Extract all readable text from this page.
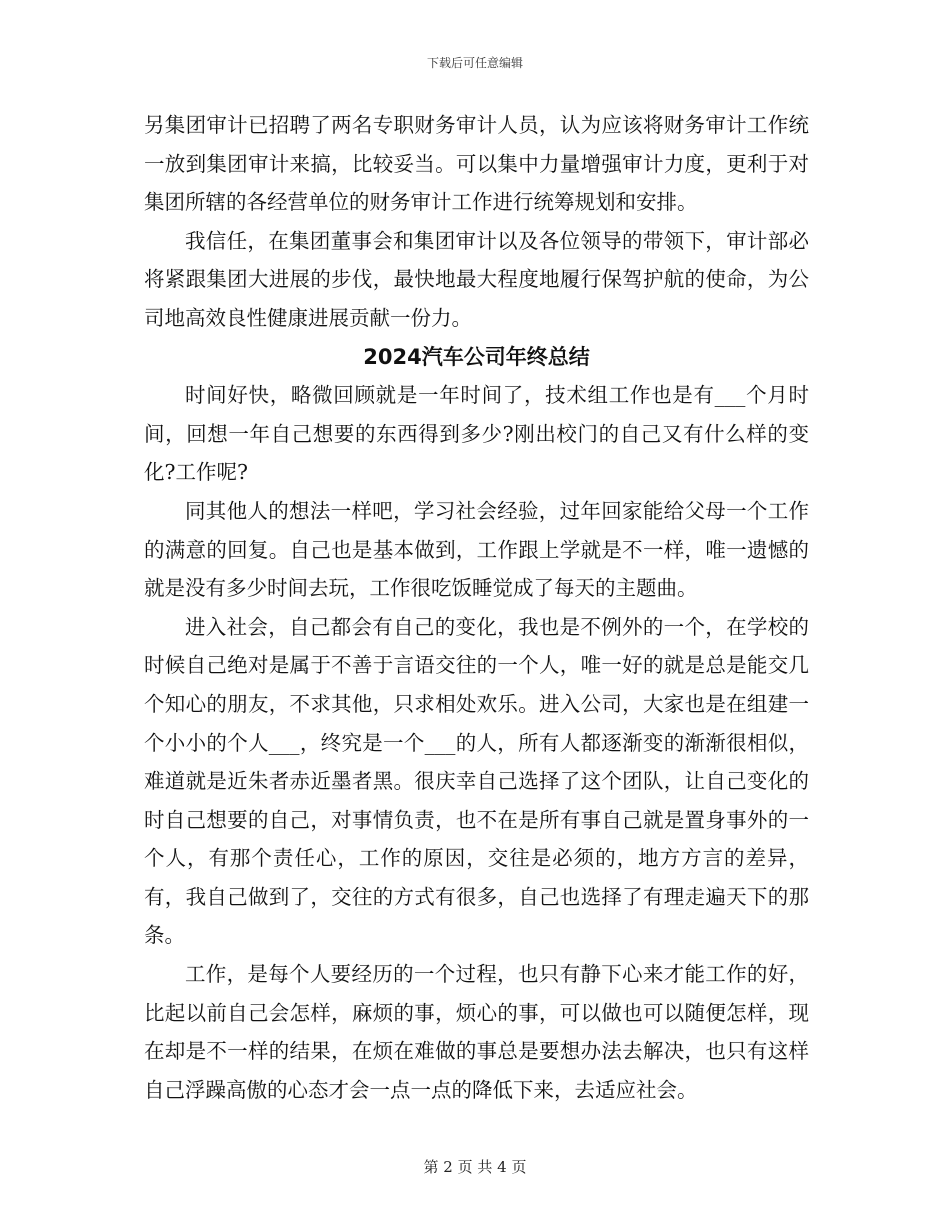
下载后可任意编辑

另集团审计已招聘了两名专职财务审计人员，认为应该将财务审计工作统一放到集团审计来搞，比较妥当。可以集中力量增强审计力度，更利于对集团所辖的各经营单位的财务审计工作进行统筹规划和安排。

我信任，在集团董事会和集团审计以及各位领导的带领下，审计部必将紧跟集团大进展的步伐，最快地最大程度地履行保驾护航的使命，为公司地高效良性健康进展贡献一份力。

2024汽车公司年终总结

时间好快，略微回顾就是一年时间了，技术组工作也是有___个月时间，回想一年自己想要的东西得到多少?刚出校门的自己又有什么样的变化?工作呢?

同其他人的想法一样吧，学习社会经验，过年回家能给父母一个工作的满意的回复。自己也是基本做到，工作跟上学就是不一样，唯一遗憾的就是没有多少时间去玩，工作很吃饭睡觉成了每天的主题曲。

进入社会，自己都会有自己的变化，我也是不例外的一个，在学校的时候自己绝对是属于不善于言语交往的一个人，唯一好的就是总是能交几个知心的朋友，不求其他，只求相处欢乐。进入公司，大家也是在组建一个小小的个人___，终究是一个___的人，所有人都逐渐变的渐渐很相似，难道就是近朱者赤近墨者黑。很庆幸自己选择了这个团队，让自己变化的时自己想要的自己，对事情负责，也不在是所有事自己就是置身事外的一个人，有那个责任心，工作的原因，交往是必须的，地方方言的差异，有，我自己做到了，交往的方式有很多，自己也选择了有理走遍天下的那条。

工作，是每个人要经历的一个过程，也只有静下心来才能工作的好，比起以前自己会怎样，麻烦的事，烦心的事，可以做也可以随便怎样，现在却是不一样的结果，在烦在难做的事总是要想办法去解决，也只有这样自己浮躁高傲的心态才会一点一点的降低下来，去适应社会。

第 2 页 共 4 页
